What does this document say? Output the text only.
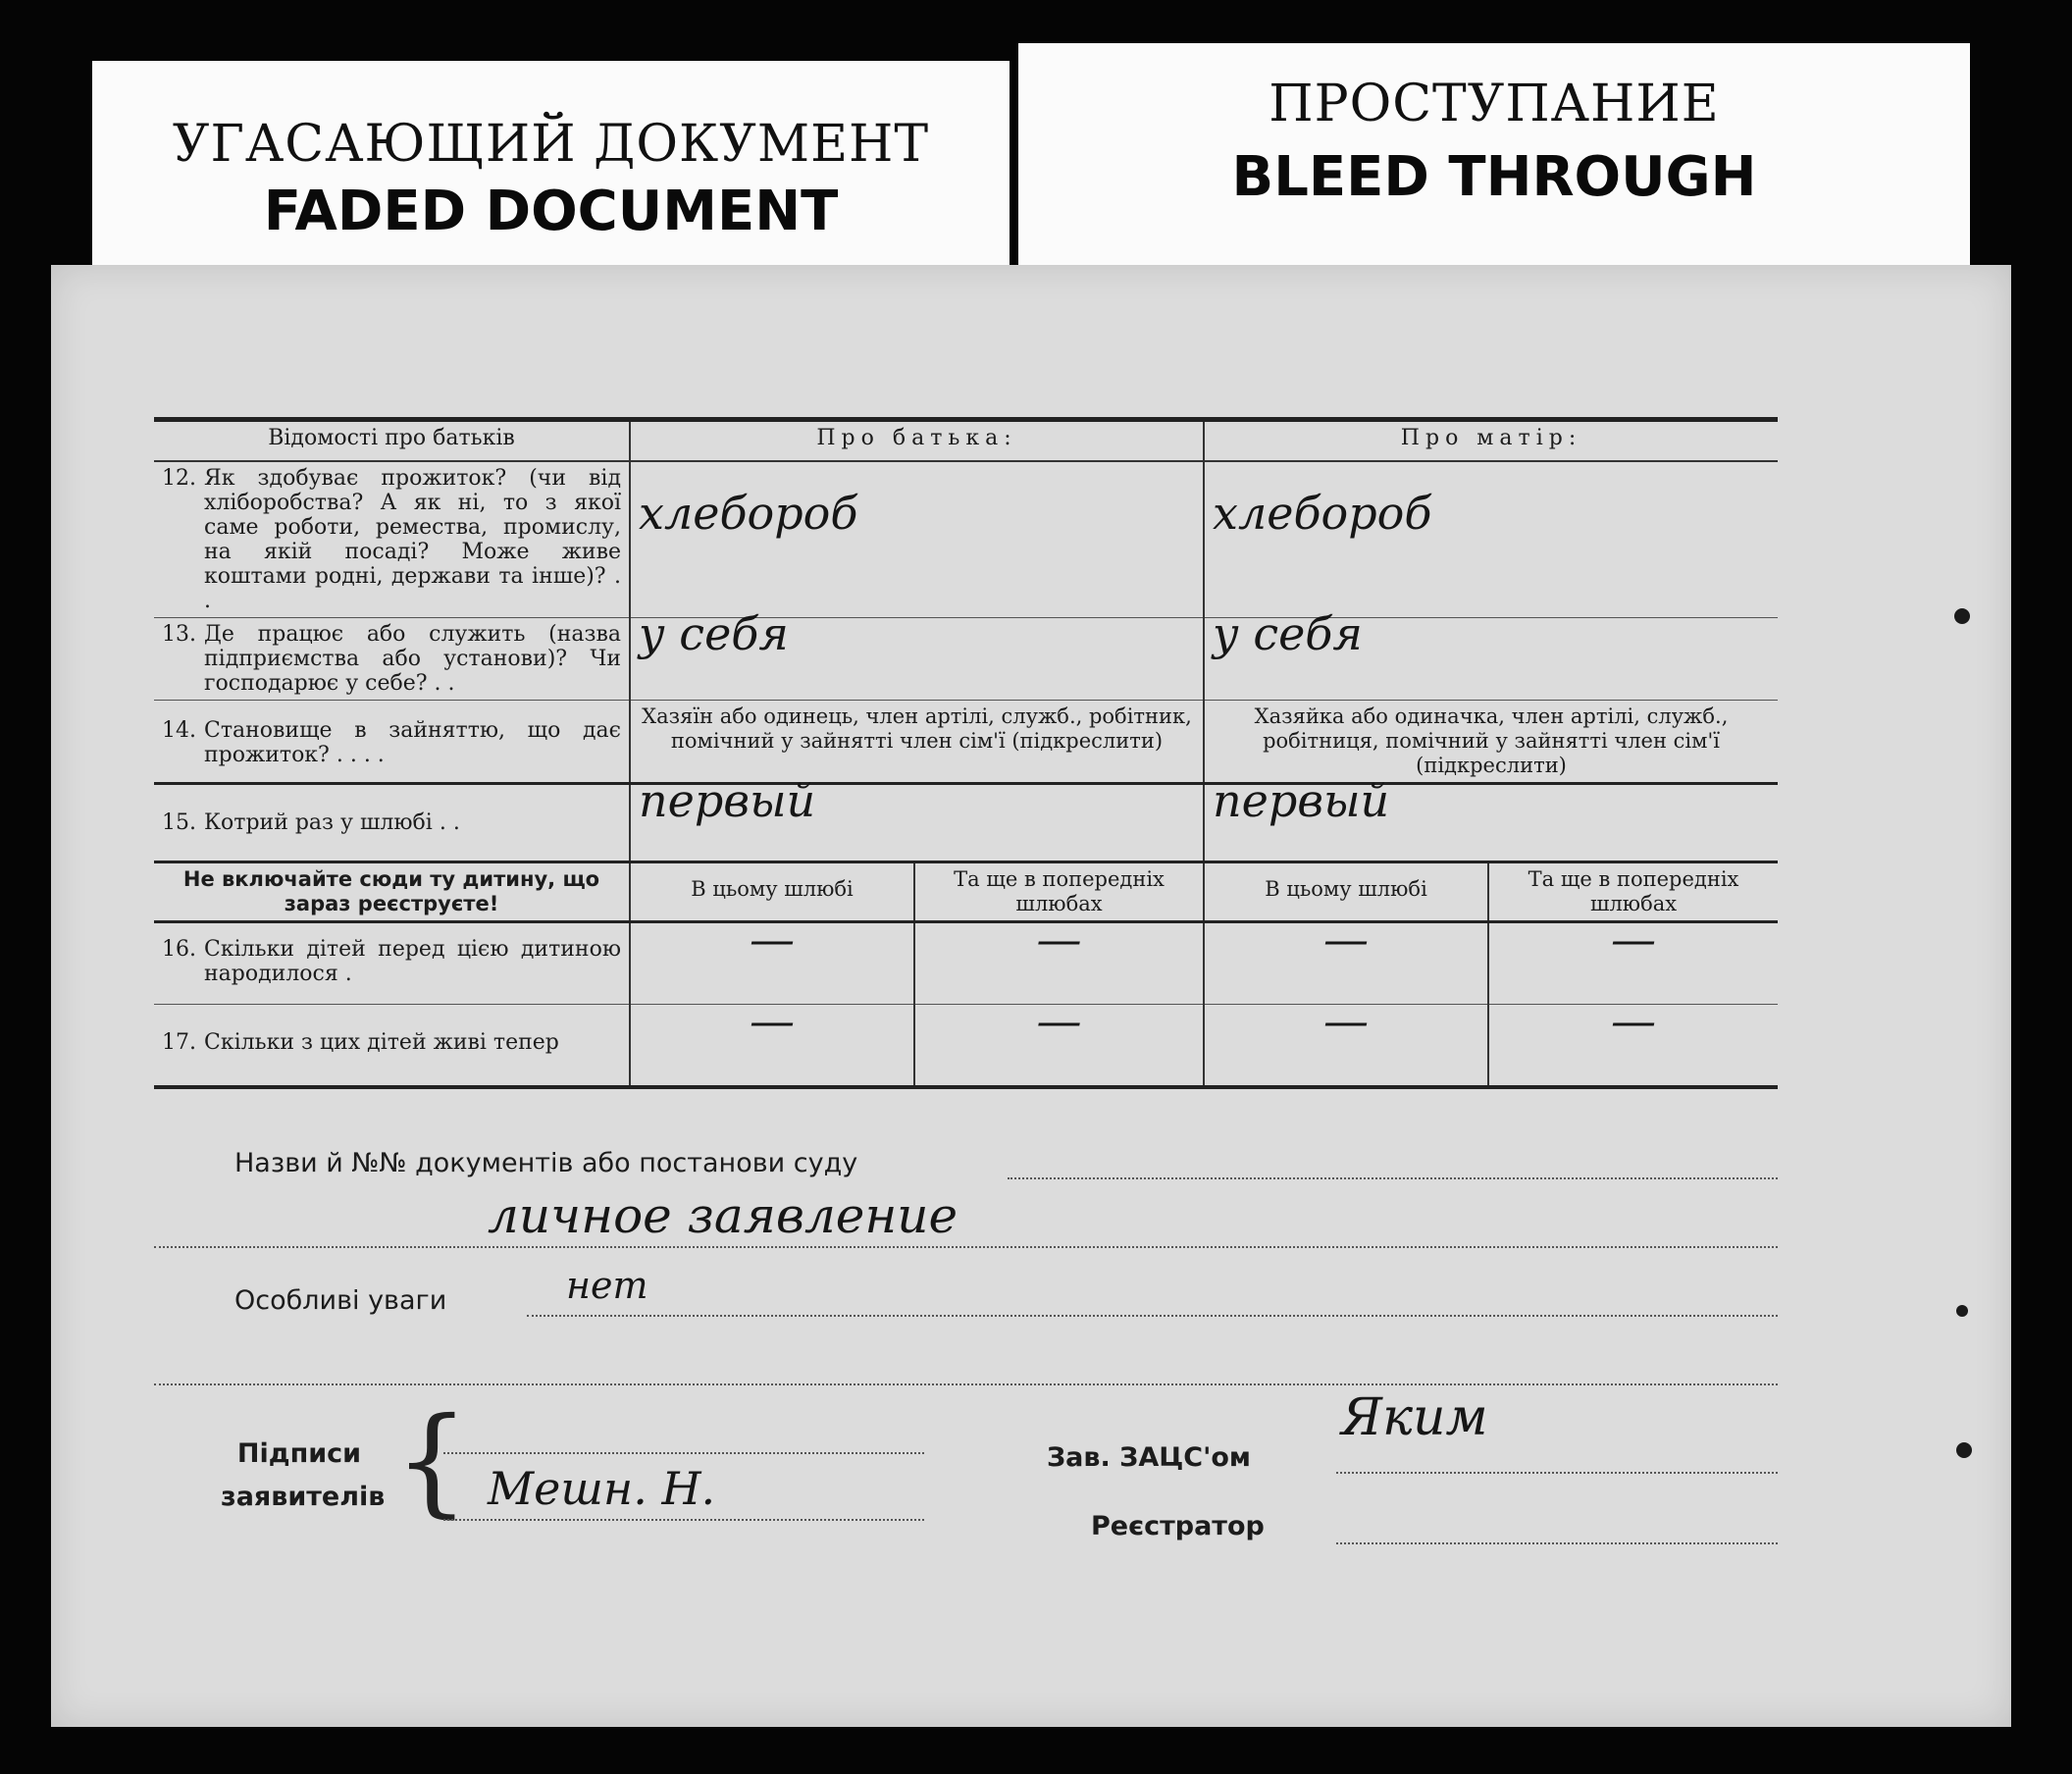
УГАСАЮЩИЙ ДОКУМЕНТ
FADED DOCUMENT
ПРОСТУПАНИЕ
BLEED THROUGH
Відомості про батьків	Про батька:		Про матір:	

12. Як здобуває прожиток? (чи від хліборобства? А як ні, то з якої саме роботи, ремества, промислу, на якій посаді? Може живе коштами родні, держави та інше)? . .	хлебороб		хлебороб	

13. Де працює або служить (назва підприємства або установи)? Чи господарює у себе? . .	у себя		у себя	

14. Становище в зайняттю, що дає прожиток? . . . .	Хазяїн або одинець, член артілі, служб., робітник, помічний у зайнятті член сім'ї (підкреслити)		Хазяйка або одиначка, член артілі, служб., робітниця, помічний у зайнятті член сім'ї (підкреслити)	

15. Котрий раз у шлюбі . .	первый		первый	
Не включайте сюди ту дитину, що зараз реєструєте!	В цьому шлюбі	Та ще в попередніх шлюбах	В цьому шлюбі	Та ще в попередніх шлюбах

16. Скільки дітей перед цією дитиною народилося .	—	—	—	—

17. Скільки з цих дітей живі тепер	—	—	—	—
Назви й №№ документів або постанови суду
личное заявление
Особливі уваги	нет
Підписи
заявителів { Мешн. Н.
Зав. ЗАЦС'ом
Яким
Реєстратор
